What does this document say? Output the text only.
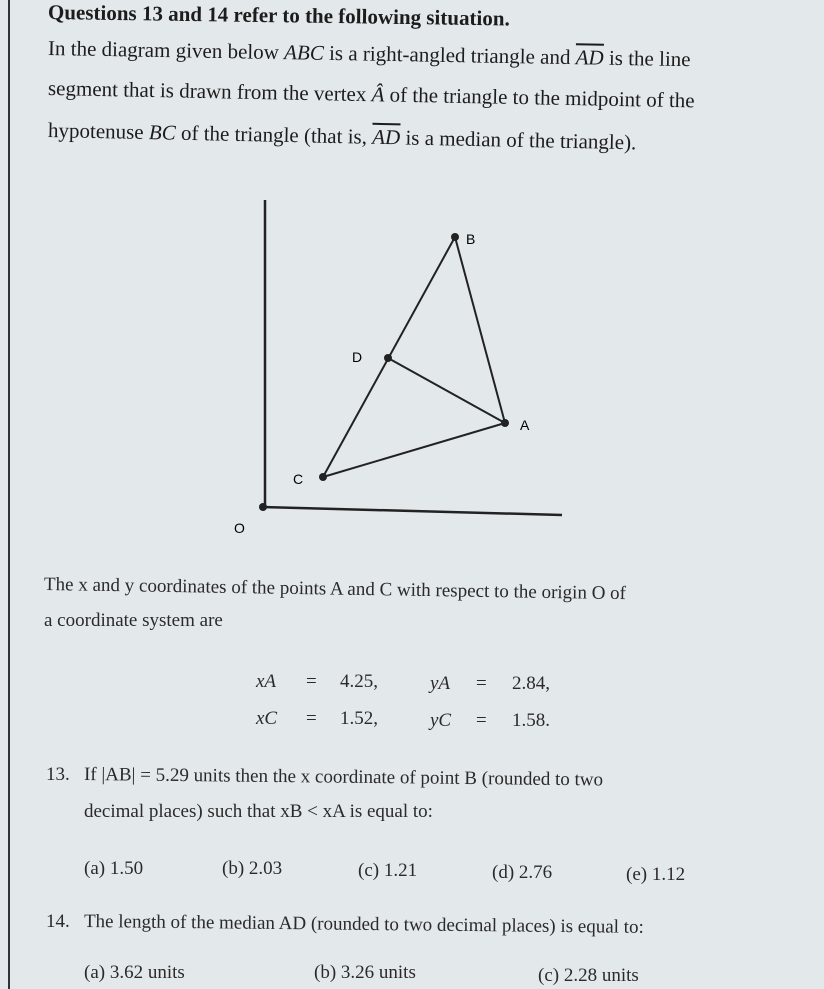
Questions 13 and 14 refer to the following situation.
In the diagram given below ABC is a right-angled triangle and $\overline{AD}$ is the line
segment that is drawn from the vertex Â of the triangle to the midpoint of the
hypotenuse BC of the triangle (that is, $\overline{AD}$ is a median of the triangle).
B
D
A
C
O
The x and y coordinates of the points A and C with respect to the origin O of
a coordinate system are
xA = 4.25,	yA = 2.84,
xC = 1.52,	yC = 1.58.
13. If |AB| = 5.29 units then the x coordinate of point B (rounded to two
decimal places) such that xB < xA is equal to:
(a) 1.50	(b) 2.03	(c) 1.21	(d) 2.76	(e) 1.12
14. The length of the median AD (rounded to two decimal places) is equal to:
(a) 3.62 units	(b) 3.26 units	(c) 2.28 units
